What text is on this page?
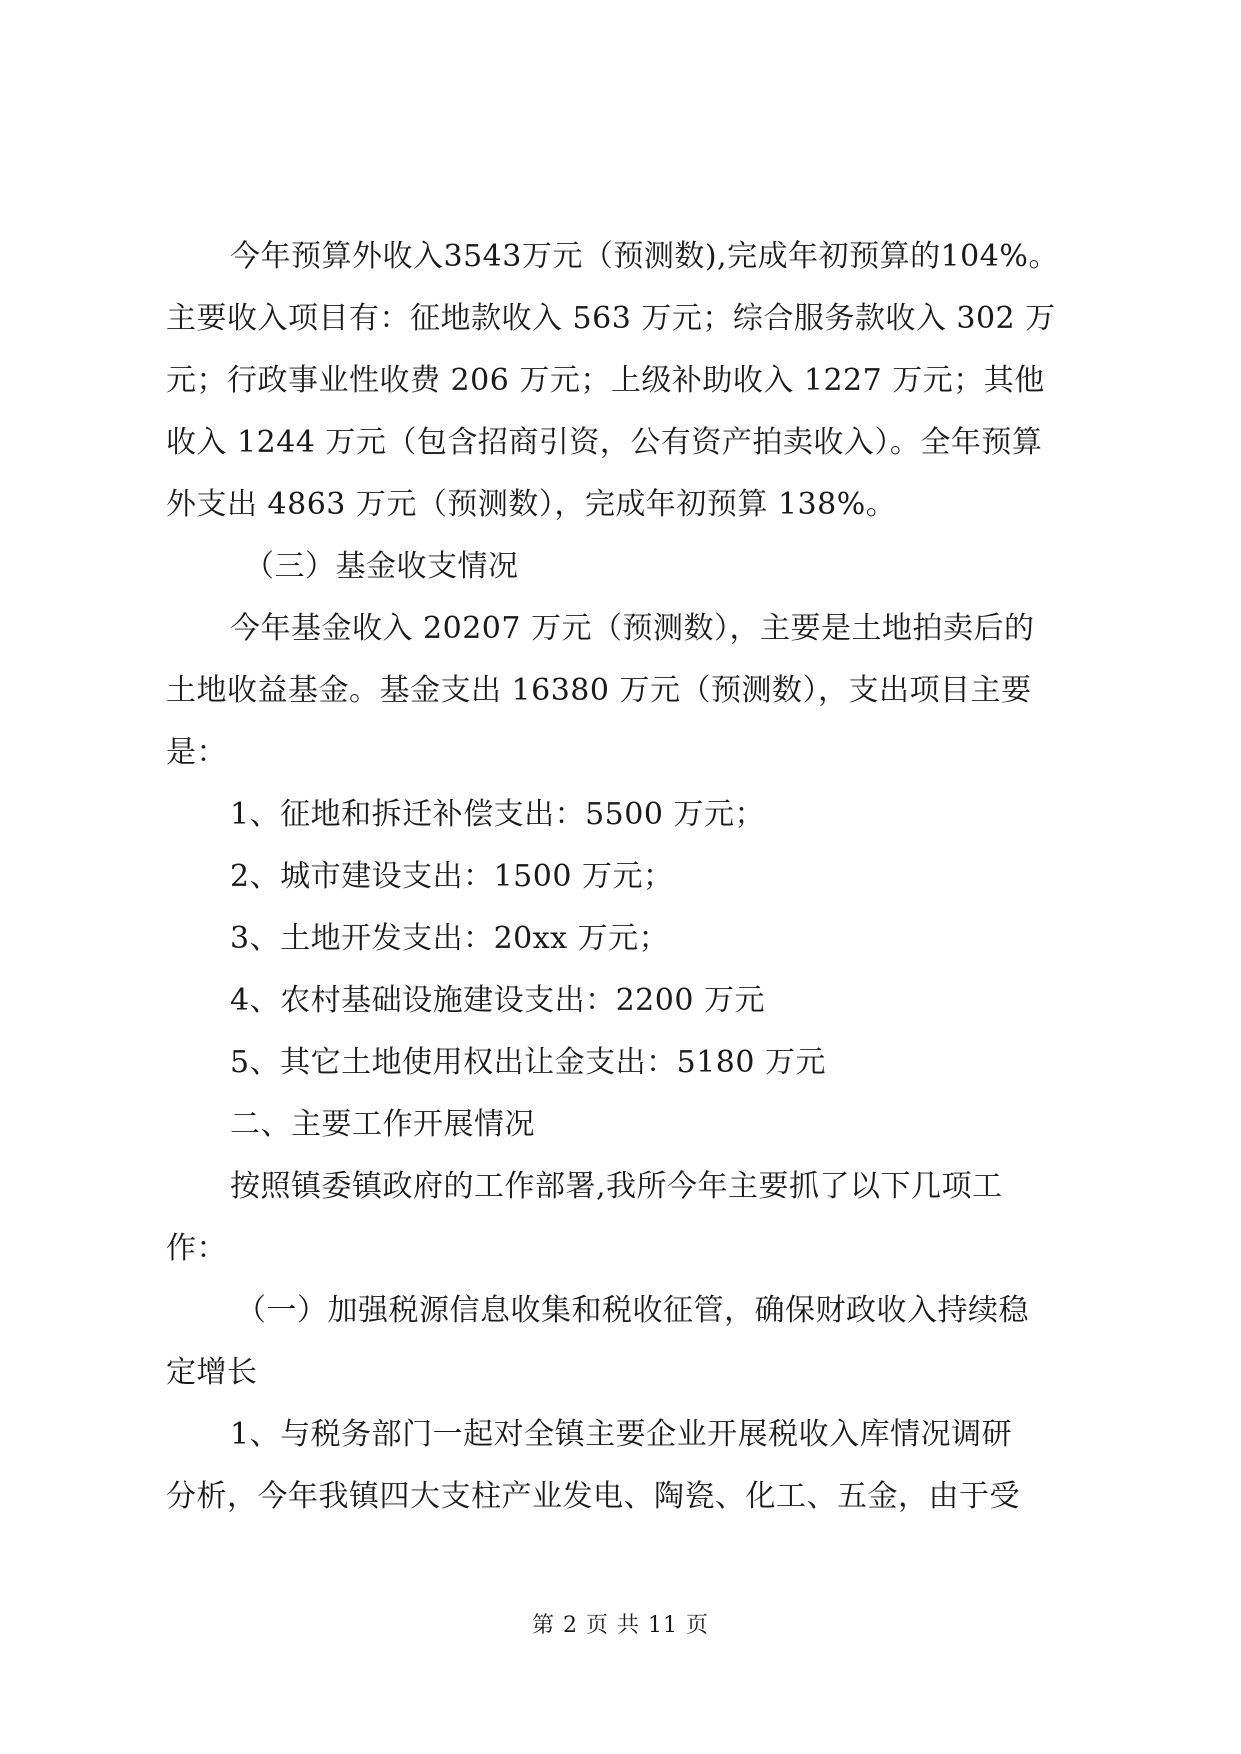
今年预算外收入3543万元（预测数),完成年初预算的104%。
主要收入项目有：征地款收入 563 万元；综合服务款收入 302 万
元；行政事业性收费 206 万元；上级补助收入 1227 万元；其他
收入 1244 万元（包含招商引资，公有资产拍卖收入）。全年预算
外支出 4863 万元（预测数），完成年初预算 138%。
（三）基金收支情况
今年基金收入 20207 万元（预测数），主要是土地拍卖后的
土地收益基金。基金支出 16380 万元（预测数），支出项目主要
是：
1、征地和拆迁补偿支出：5500 万元；
2、城市建设支出：1500 万元；
3、土地开发支出：20xx 万元；
4、农村基础设施建设支出：2200 万元
5、其它土地使用权出让金支出：5180 万元
二、主要工作开展情况
按照镇委镇政府的工作部署,我所今年主要抓了以下几项工
作：
（一）加强税源信息收集和税收征管，确保财政收入持续稳
定增长
1、与税务部门一起对全镇主要企业开展税收入库情况调研
分析，今年我镇四大支柱产业发电、陶瓷、化工、五金，由于受
第 2 页 共 11 页
